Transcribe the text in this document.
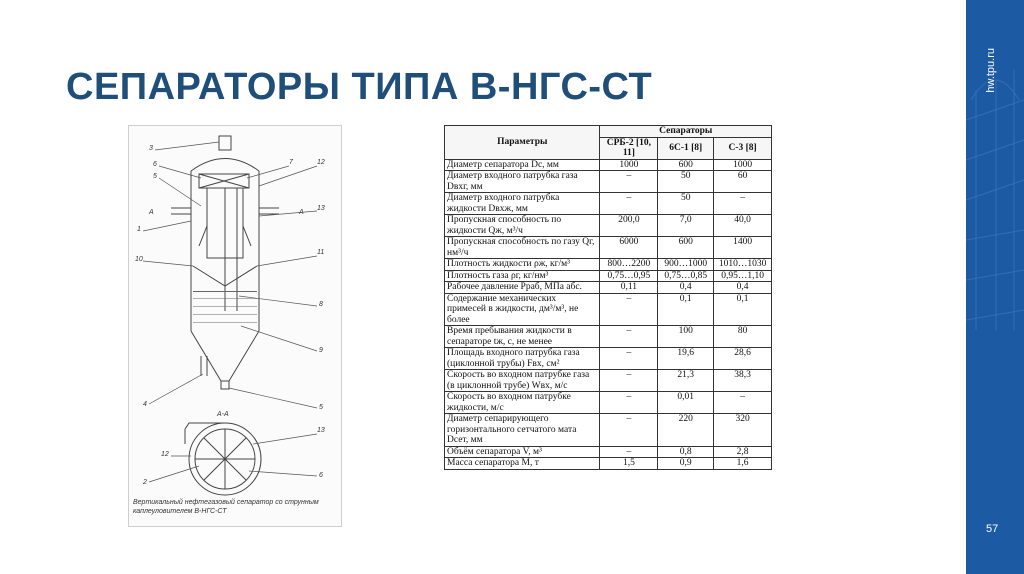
СЕПАРАТОРЫ ТИПА В-НГС-СТ	hw.tpu.ru
57
3
6
5
7	12
1
13
10
11
8
9
4	5
13
2
12
6
А	А
А-А
Вертикальный нефтегазовый сепаратор со струнным каплеуловителем В-НГС-СТ
Параметры	Сепараторы		
	СРБ-2 [10, 11]	6С-1 [8]	С-3 [8]
Диаметр сепаратора Dс, мм	1000	600	1000
Диаметр входного патрубка газа Dвхг, мм	–	50	60
Диаметр входного патрубка жидкости Dвхж, мм	–	50	–
Пропускная способность по жидкости Qж, м³/ч	200,0	7,0	40,0
Пропускная способность по газу Qг, нм³/ч	6000	600	1400
Плотность жидкости ρж, кг/м³	800…2200	900…1000	1010…1030
Плотность газа ρг, кг/нм³	0,75…0,95	0,75…0,85	0,95…1,10
Рабочее давление Pраб, МПа абс.	0,11	0,4	0,4
Содержание механических примесей в жидкости, дм³/м³, не более	–	0,1	0,1
Время пребывания жидкости в сепараторе tж, с, не менее	–	100	80
Площадь входного патрубка газа (циклонной трубы) Fвх, см²	–	19,6	28,6
Скорость во входном патрубке газа (в циклонной трубе) Wвх, м/с	–	21,3	38,3
Скорость во входном патрубке жидкости, м/с	–	0,01	–
Диаметр сепарирующего горизонтального сетчатого мата Dсет, мм	–	220	320
Объём сепаратора V, м³	–	0,8	2,8
Масса сепаратора M, т	1,5	0,9	1,6
